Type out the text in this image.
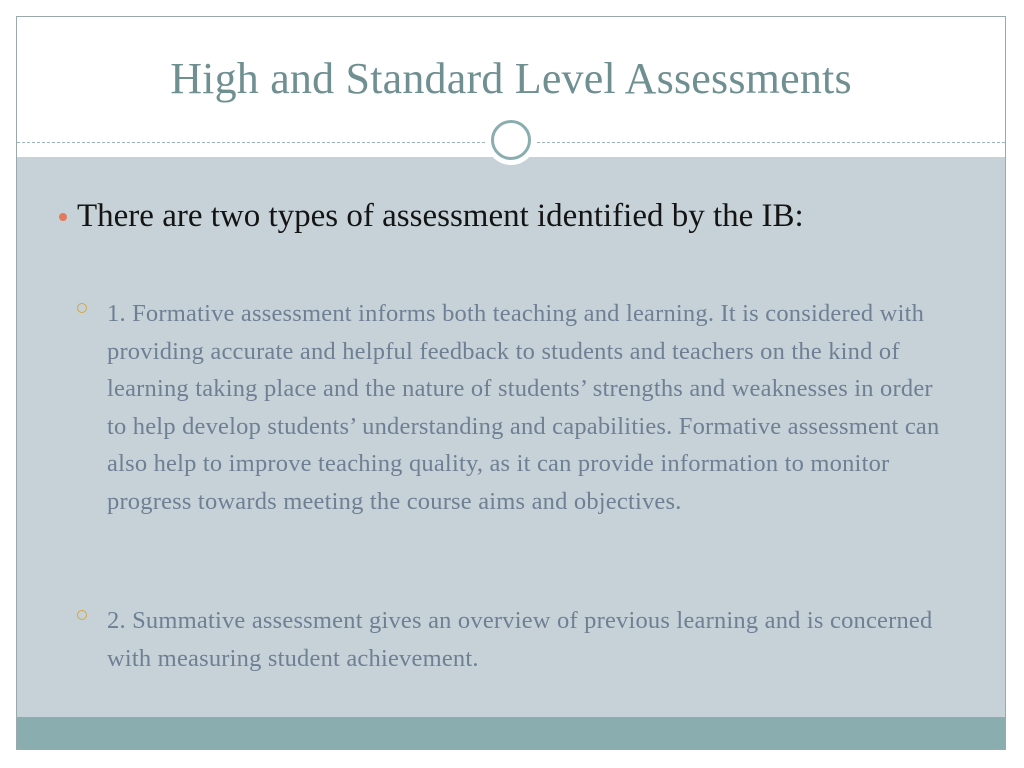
High and Standard Level Assessments
There are two types of assessment identified by the IB:
1. Formative assessment informs both teaching and learning. It is considered with providing accurate and helpful feedback to students and teachers on the kind of learning taking place and the nature of students’ strengths and weaknesses in order to help develop students’ understanding and capabilities. Formative assessment can also help to improve teaching quality, as it can provide information to monitor progress towards meeting the course aims and objectives.
2. Summative assessment gives an overview of previous learning and is concerned with measuring student achievement.
